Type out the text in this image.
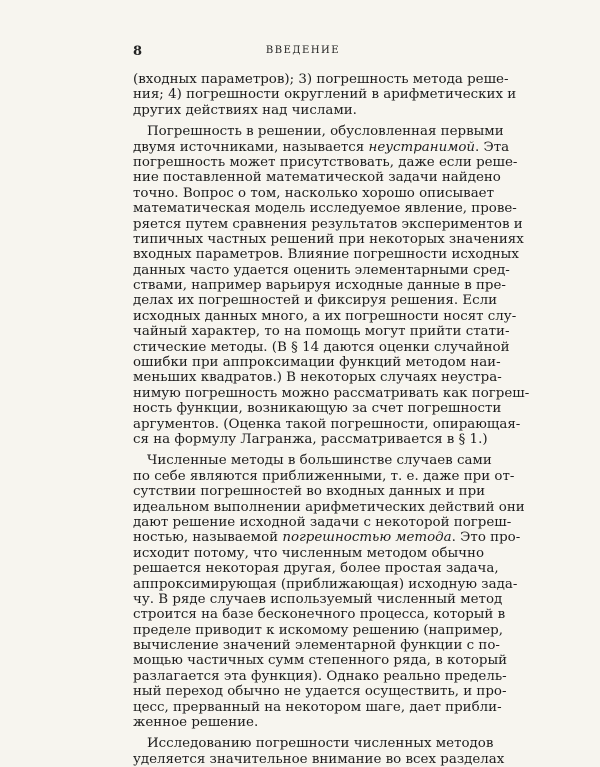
8	ВВЕДЕНИЕ
(входных параметров); 3) погрешность метода реше-
ния; 4) погрешности округлений в арифметических и
других действиях над числами.
Погрешность в решении, обусловленная первыми
двумя источниками, называется неустранимой. Эта
погрешность может присутствовать, даже если реше-
ние поставленной математической задачи найдено
точно. Вопрос о том, насколько хорошо описывает
математическая модель исследуемое явление, прове-
ряется путем сравнения результатов экспериментов и
типичных частных решений при некоторых значениях
входных параметров. Влияние погрешности исходных
данных часто удается оценить элементарными сред-
ствами, например варьируя исходные данные в пре-
делах их погрешностей и фиксируя решения. Если
исходных данных много, а их погрешности носят слу-
чайный характер, то на помощь могут прийти стати-
стические методы. (В § 14 даются оценки случайной
ошибки при аппроксимации функций методом наи-
меньших квадратов.) В некоторых случаях неустра-
нимую погрешность можно рассматривать как погреш-
ность функции, возникающую за счет погрешности
аргументов. (Оценка такой погрешности, опирающая-
ся на формулу Лагранжа, рассматривается в § 1.)
Численные методы в большинстве случаев сами
по себе являются приближенными, т. е. даже при от-
сутствии погрешностей во входных данных и при
идеальном выполнении арифметических действий они
дают решение исходной задачи с некоторой погреш-
ностью, называемой погрешностью метода. Это про-
исходит потому, что численным методом обычно
решается некоторая другая, более простая задача,
аппроксимирующая (приближающая) исходную зада-
чу. В ряде случаев используемый численный метод
строится на базе бесконечного процесса, который в
пределе приводит к искомому решению (например,
вычисление значений элементарной функции с по-
мощью частичных сумм степенного ряда, в который
разлагается эта функция). Однако реально предель-
ный переход обычно не удается осуществить, и про-
цесс, прерванный на некотором шаге, дает прибли-
женное решение.
Исследованию погрешности численных методов
уделяется значительное внимание во всех разделах
